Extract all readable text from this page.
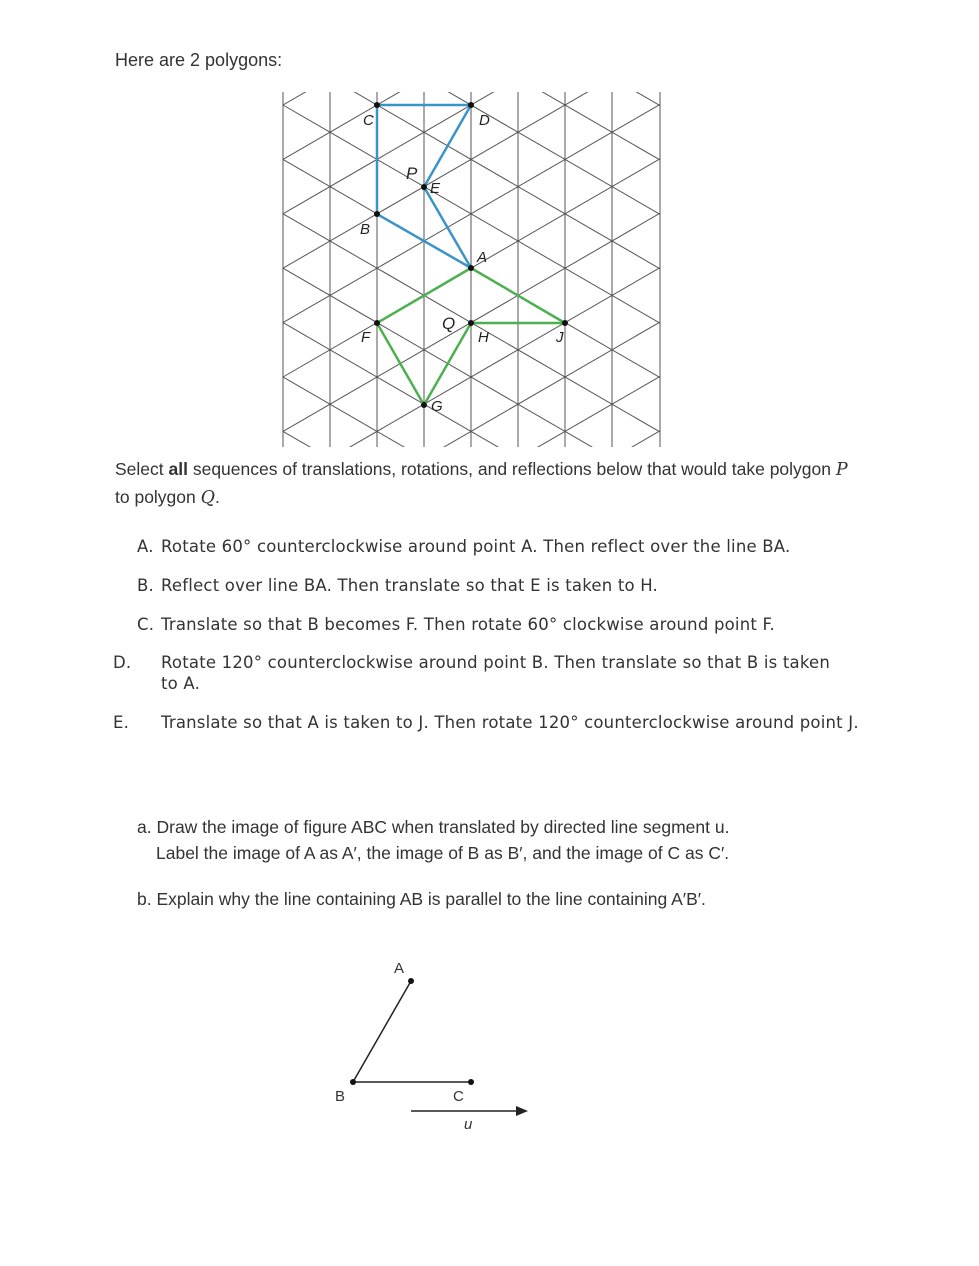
Here are 2 polygons:
C	D
P
E
B
A
Q
F	H	J
G
Select all sequences of translations, rotations, and reflections below that would take polygon P to polygon Q.
A. Rotate 60° counterclockwise around point A. Then reflect over the line BA.
B. Reflect over line BA. Then translate so that E is taken to H.
C. Translate so that B becomes F. Then rotate 60° clockwise around point F.
D. Rotate 120° counterclockwise around point B. Then translate so that B is taken to A.
E. Translate so that A is taken to J. Then rotate 120° counterclockwise around point J.
a. Draw the image of figure ABC when translated by directed line segment u.
Label the image of A as A′, the image of B as B′, and the image of C as C′.
b. Explain why the line containing AB is parallel to the line containing A′B′.
A
B	C
u
